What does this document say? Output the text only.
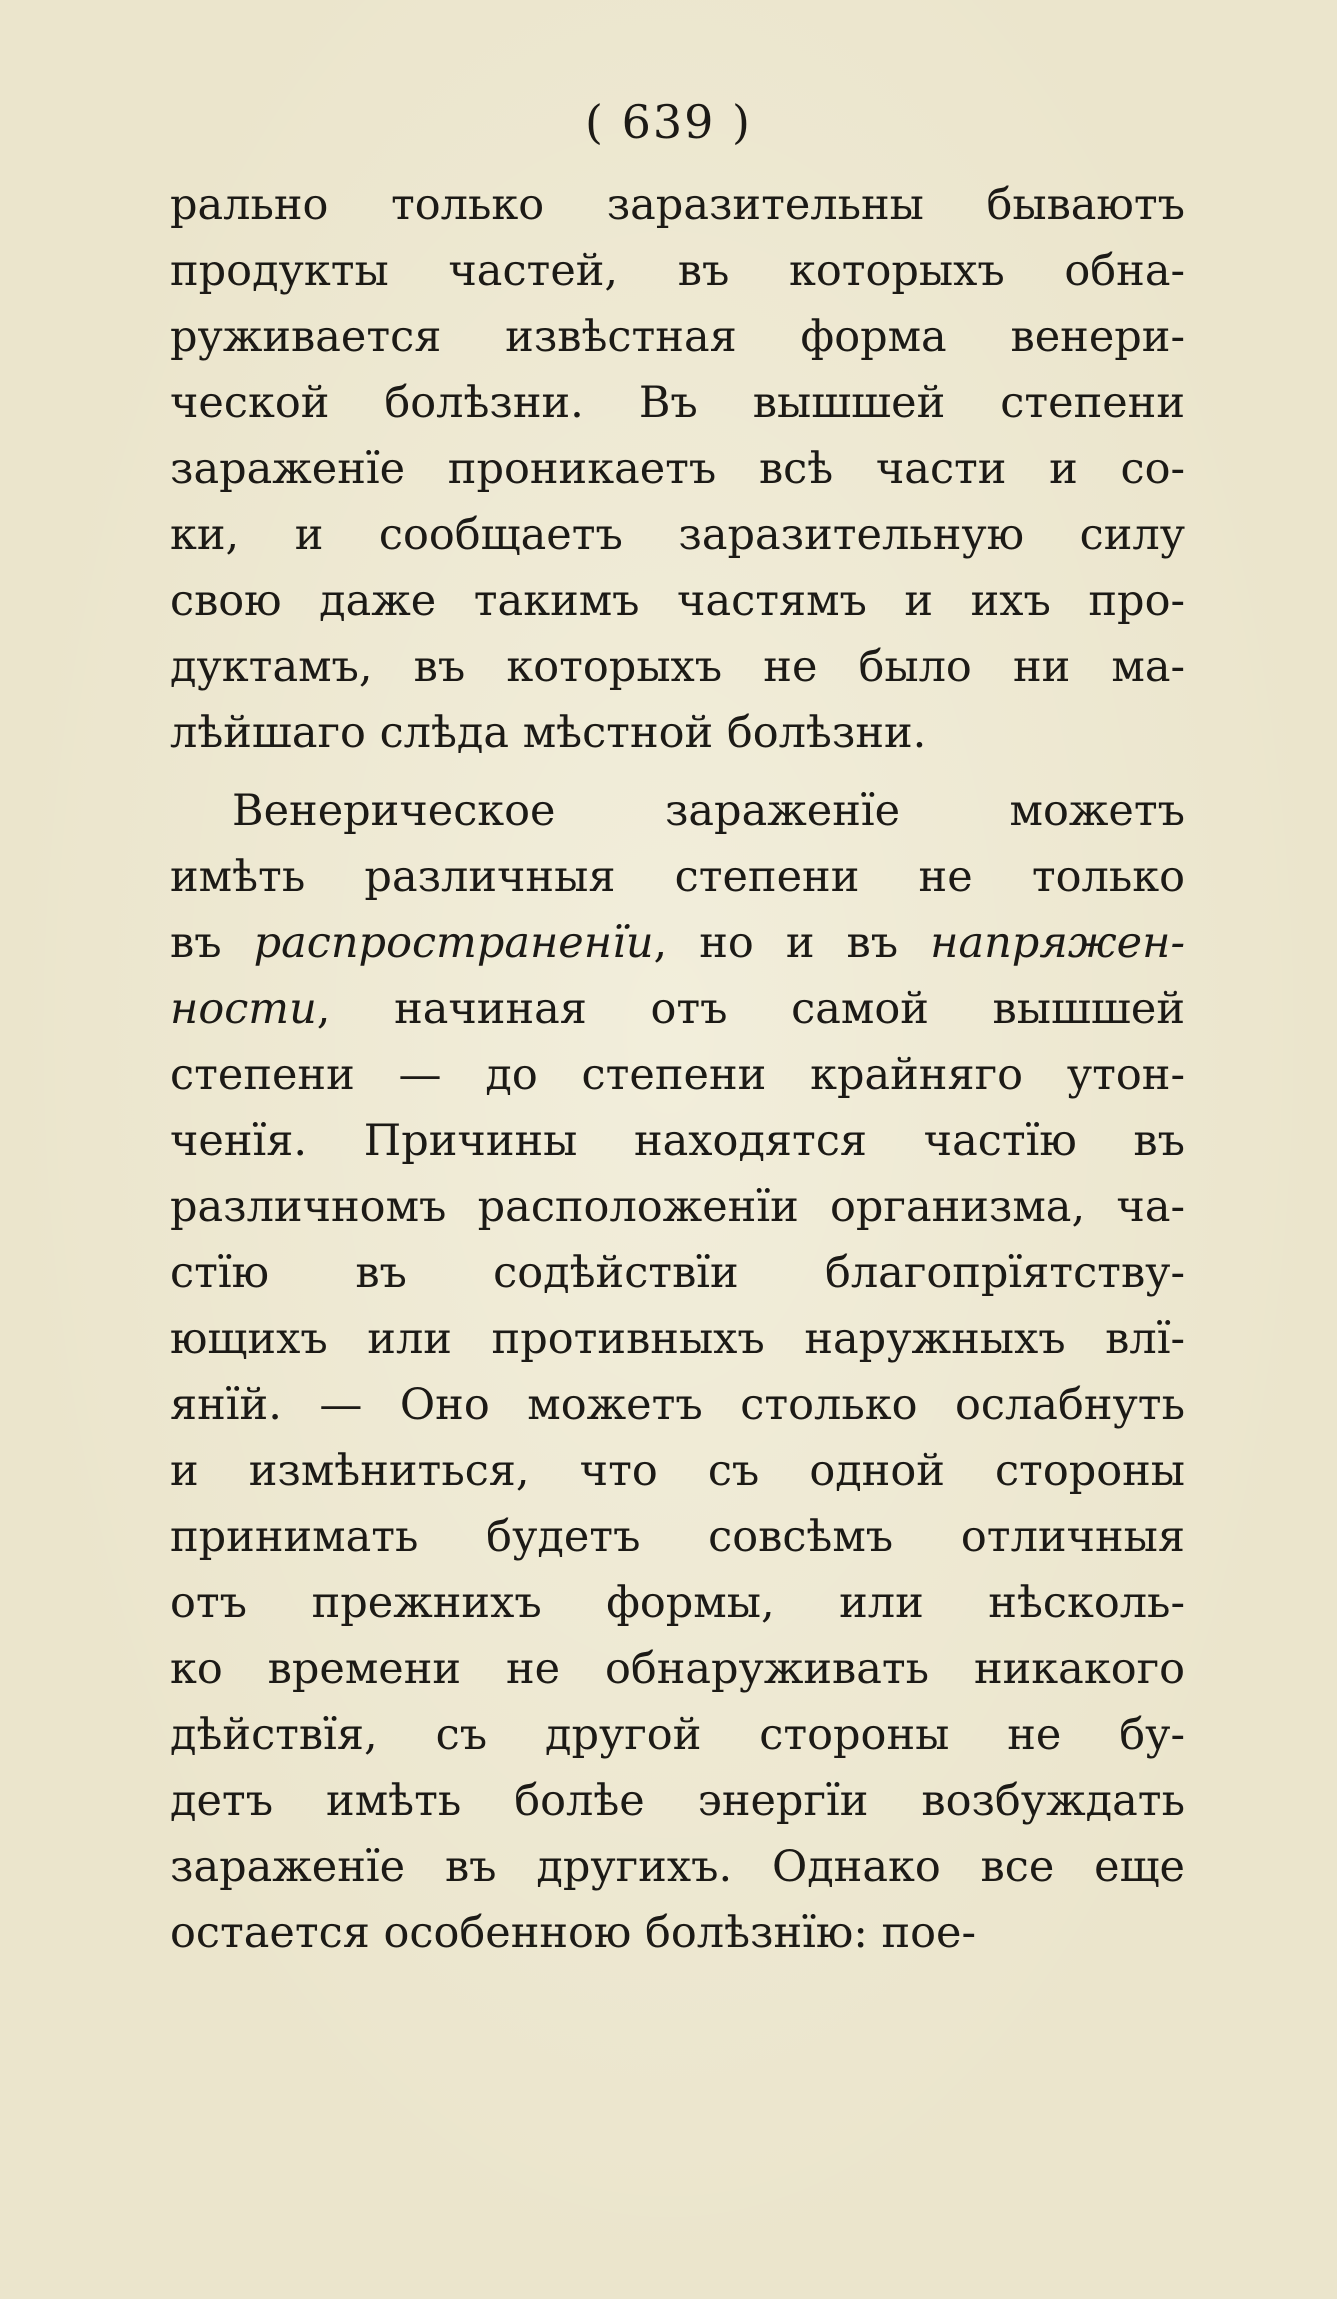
( 639 )
рально только заразительны бываютъ
продукты частей, въ которыхъ обна-
руживается извѣстная форма венери-
ческой болѣзни. Въ вышшей степени
зараженїе проникаетъ всѣ части и со-
ки, и сообщаетъ заразительную силу
свою даже такимъ частямъ и ихъ про-
дуктамъ, въ которыхъ не было ни ма-
лѣйшаго слѣда мѣстной болѣзни.
Венерическое зараженїе можетъ
имѣть различныя степени не только
въ распространенїи, но и въ напряжен-
ности, начиная отъ самой вышшей
степени — до степени крайняго утон-
ченїя. Причины находятся частїю въ
различномъ расположенїи организма, ча-
стїю въ содѣйствїи благопрїятству-
ющихъ или противныхъ наружныхъ влї-
янїй. — Оно можетъ столько ослабнуть
и измѣниться, что съ одной стороны
принимать будетъ совсѣмъ отличныя
отъ прежнихъ формы, или нѣсколь-
ко времени не обнаруживать никакого
дѣйствїя, съ другой стороны не бу-
детъ имѣть болѣе энергїи возбуждать
зараженїе въ другихъ. Однако все еще
остается особенною болѣзнїю: пое-
